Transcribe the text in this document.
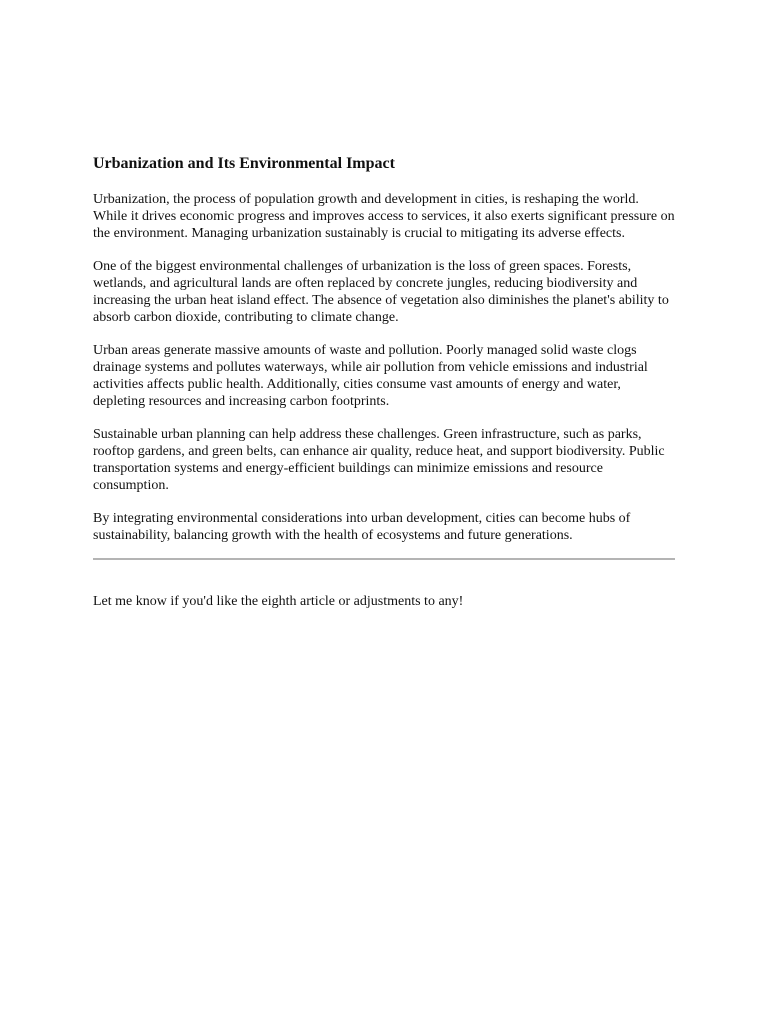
Urbanization and Its Environmental Impact

Urbanization, the process of population growth and development in cities, is reshaping the world. While it drives economic progress and improves access to services, it also exerts significant pressure on the environment. Managing urbanization sustainably is crucial to mitigating its adverse effects.

One of the biggest environmental challenges of urbanization is the loss of green spaces. Forests, wetlands, and agricultural lands are often replaced by concrete jungles, reducing biodiversity and increasing the urban heat island effect. The absence of vegetation also diminishes the planet's ability to absorb carbon dioxide, contributing to climate change.

Urban areas generate massive amounts of waste and pollution. Poorly managed solid waste clogs drainage systems and pollutes waterways, while air pollution from vehicle emissions and industrial activities affects public health. Additionally, cities consume vast amounts of energy and water, depleting resources and increasing carbon footprints.

Sustainable urban planning can help address these challenges. Green infrastructure, such as parks, rooftop gardens, and green belts, can enhance air quality, reduce heat, and support biodiversity. Public transportation systems and energy-efficient buildings can minimize emissions and resource consumption.

By integrating environmental considerations into urban development, cities can become hubs of sustainability, balancing growth with the health of ecosystems and future generations.

Let me know if you'd like the eighth article or adjustments to any!
